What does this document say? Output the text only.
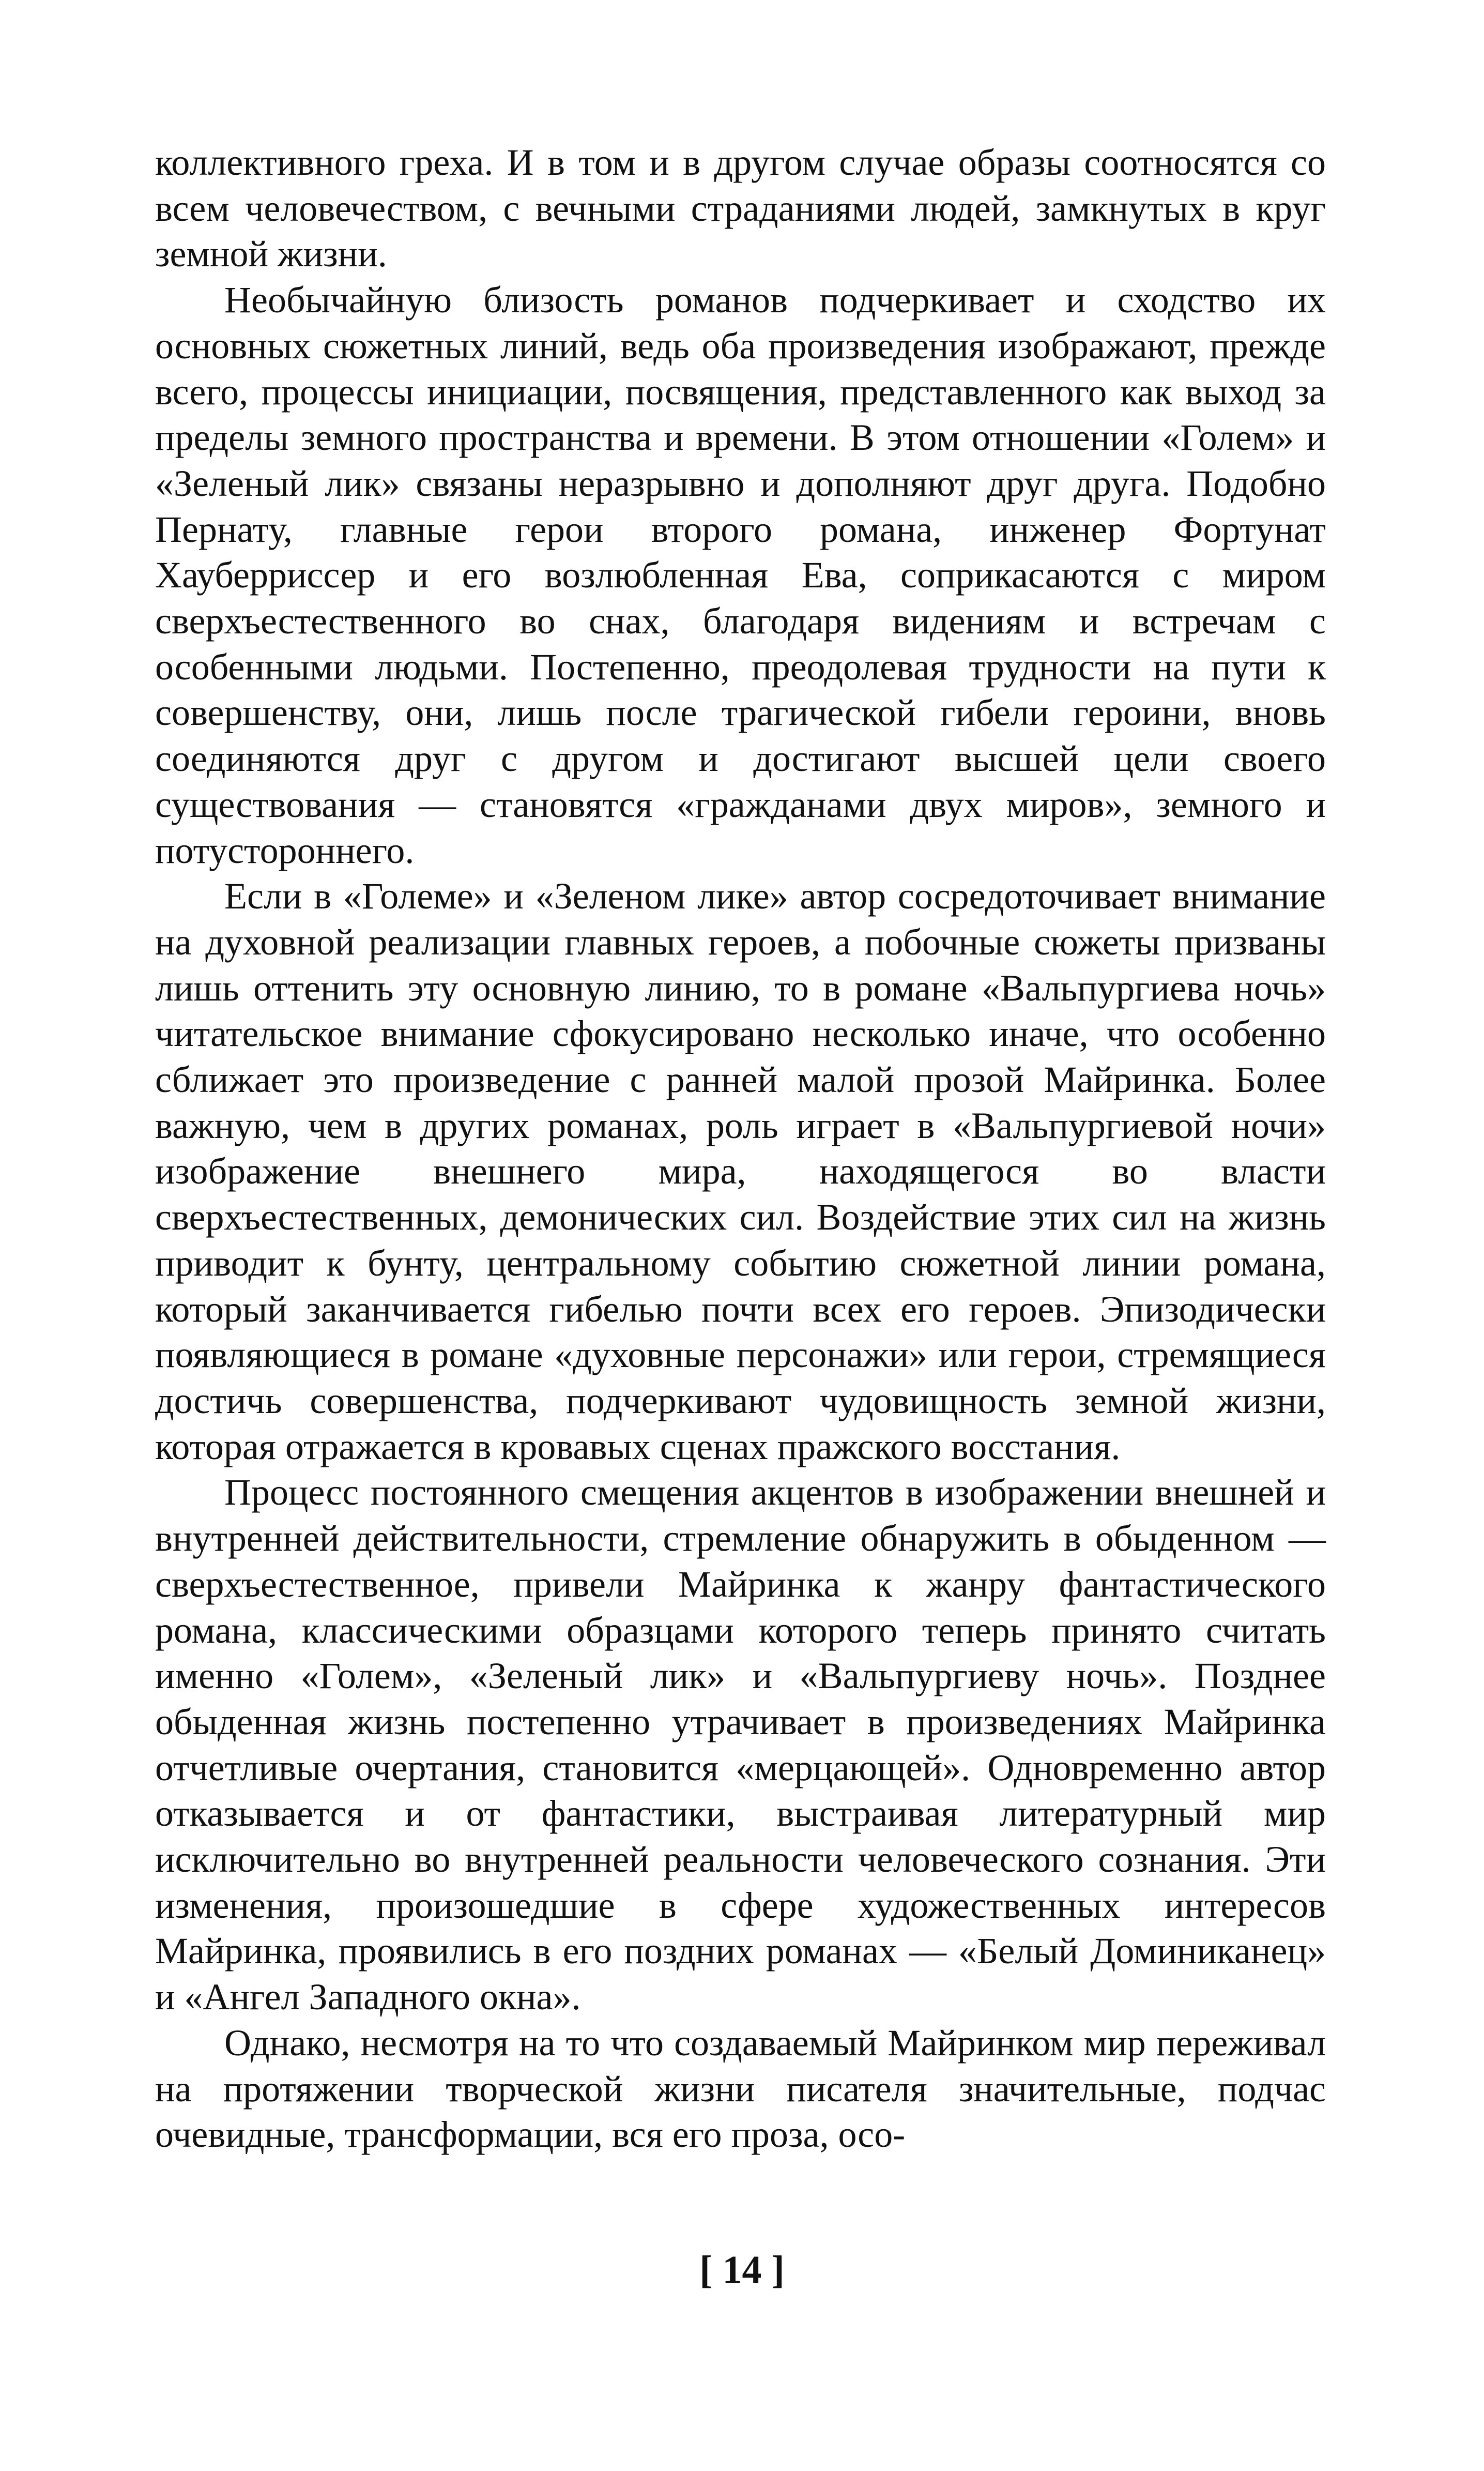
коллективного греха. И в том и в другом случае образы соотносятся со всем человечеством, с вечными страданиями людей, замкнутых в круг земной жизни.

Необычайную близость романов подчеркивает и сходство их основных сюжетных линий, ведь оба произведения изображают, прежде всего, процессы инициации, посвящения, представленного как выход за пределы земного пространства и времени. В этом отношении «Голем» и «Зеленый лик» связаны неразрывно и дополняют друг друга. Подобно Пернату, главные герои второго романа, инженер Фортунат Хауберриссер и его возлюбленная Ева, соприкасаются с миром сверхъестественного во снах, благодаря видениям и встречам с особенными людьми. Постепенно, преодолевая трудности на пути к совершенству, они, лишь после трагической гибели героини, вновь соединяются друг с другом и достигают высшей цели своего существования — становятся «гражданами двух миров», земного и потустороннего.

Если в «Големе» и «Зеленом лике» автор сосредоточивает внимание на духовной реализации главных героев, а побочные сюжеты призваны лишь оттенить эту основную линию, то в романе «Вальпургиева ночь» читательское внимание сфокусировано несколько иначе, что особенно сближает это произведение с ранней малой прозой Майринка. Более важную, чем в других романах, роль играет в «Вальпургиевой ночи» изображение внешнего мира, находящегося во власти сверхъестественных, демонических сил. Воздействие этих сил на жизнь приводит к бунту, центральному событию сюжетной линии романа, который заканчивается гибелью почти всех его героев. Эпизодически появляющиеся в романе «духовные персонажи» или герои, стремящиеся достичь совершенства, подчеркивают чудовищность земной жизни, которая отражается в кровавых сценах пражского восстания.

Процесс постоянного смещения акцентов в изображении внешней и внутренней действительности, стремление обнаружить в обыденном — сверхъестественное, привели Майринка к жанру фантастического романа, классическими образцами которого теперь принято считать именно «Голем», «Зеленый лик» и «Вальпургиеву ночь». Позднее обыденная жизнь постепенно утрачивает в произведениях Майринка отчетливые очертания, становится «мерцающей». Одновременно автор отказывается и от фантастики, выстраивая литературный мир исключительно во внутренней реальности человеческого сознания. Эти изменения, произошедшие в сфере художественных интересов Майринка, проявились в его поздних романах — «Белый Доминиканец» и «Ангел Западного окна».

Однако, несмотря на то что создаваемый Майринком мир переживал на протяжении творческой жизни писателя значительные, подчас очевидные, трансформации, вся его проза, осо-

[ 14 ]
